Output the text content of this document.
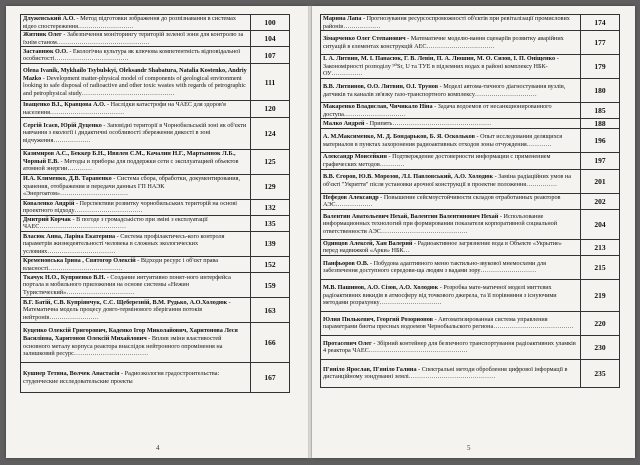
Длужевський А.О. - Метод підготовки зображення до розпізнавання в системах відео спостереження………………………	100
Житник Олег - Забезпечення моніторингу територій зеленої зони для контролю за їхнім станом………………………………………	104
Заставнюк О.О. - Екологічна культура як ключова компетентність відповідальної особистості………………………………	107
Olena Ivanik, Mykhailo Tsybulskyi, Oleksandr Shabatura, Natalia Kostenko, Andriy Mazko - Development matter-physical model of components of geological environment looking to safe disposal of radioactive and other toxic wastes with regards of petrographic and petrophysical study………………………………………	111
Іващенко В.І., Кравцова А.О. - Наслідки катастрофи на ЧАЕС для здоров'я населення………………………………	120
Сергій Ісаєв, Юрій Дуценко - Заповідні території в Чорнобильській зоні як об'єкти навчання з екології і дидактичні особливості збереження дикості в зоні відчуження………………	124
Казимиров А.С., Беккер Б.Н., Ивялев С.М., Качалин Н.Г., Мартыннок Л.Б., Чорный Е.В. - Методы и приборы для поддержки сети с эксплуатацией объектов атомной энергии…………	125
И.А. Клименко, Д.В. Тараненко - Система сбора, обработки, документирования, хранения, отображения и передачи данных ГП НАЭК «Энергоатом»……………………………	129
Коваленко Андрій - Перспективи розвитку чорнобильських територій на основі проектного підходу……………………………	132
Дмитрий Корчак - В погоде з громадськістю при зміні з експлуатації ЧАЕС……………………………………	135
Власюк Анна, Ларіна Екатерина - Система профілактичесь-кого контроля параметрів жизнедеятельності человека в сложных экологических условиях……………………………	139
Кременовська Ірина , Святогор Олексій - Відходи ресурс і об'єкт права власності………………………………	152
Ткачук Н.О., Куприенко В.Н. - Создание интуитивно понят-ного интерфейса портала и мобильного приложения на основе системы «Нежин Туристический»……………………………	159
В.Г. Батій, С.В. Купріянчук, С.С. Щеберезній, В.М. Рудько, А.О.Холодюк - Математична модель процесу довго-термінового зберігання потоків нейтронів……………………	163
Куценко Олексій Григорович, Каденко Ігор Миколайович, Харитонова Леся Василівна, Харитонов Олексій Михайлович - Вплив зміни властивостей основного металу корпуса реактора внаслідок нейтронного опромінення на залишковий ресурс………………………………	166
Кушнер Тетяна, Волчек Анастасія - Радиоэкология градостроительства: студенческие исследовательские проекты	167
4
Марина Лапа - Прогнозування ресурсоспроможності об'єктів при ревіталізації промислових районів………………	174
Зімарченко Олег Степанович - Математичне моделю-вання сценаріїв розвитку аварійних ситуацій в елементах конструкцій АЕС……………………………	177
І. А. Литвин, М. І. Панасюк, Г. В. Левін, П. А. Люшин, М. О. Сизов, І. П. Оніщенко - Закономірності розподілу ⁹⁰Sr, U та ТУЕ в підземних водах в районі комплексу НБК-ОУ……………	179
В.В. Литвинов, О.О. Литвин, О.І. Трунов - Моделі автома-тичного діагностування вузлів, датчиків та каналів зв'язку газо-транспортного комплексу…………………………	180
Макаренко Владислав, Чичикало Ніна - Задача водоемов от несанкционированного доступа…………………………	185
Малко Андрей - Припять…………………………………………	188
А. М.Максименко, М. Д. Бондарьков, Б. Я. Оскольков - Опыт исследования делящихся материалов в пунктах захоронения радиоактивных отходов зоны отчуждения…………	196
Александр Моисейкин - Подтверждение достоверности информации с применением графических методов…………	197
В.В. Єгоров, Ю.В. Морозов, Л.І. Павловський, А.О. Холодюк - Заміна радіаційних умов на об'єкті "Укриття" після установки арочної конструкції в проектне положення……………	201
Нефедов Александр - Повышение сейсмоустойчивости складов отработанных реакторов АЭС………………	202
Валентин Анатольевич Нехай, Валентин Валентинович Нехай - Использование информационных технологий при формировании показателя корпоративной социальной ответственности АЭС……………………………………	204
Одинцов Алексей, Хан Валерий - Радиоактивное загрязнение вода в Объекте «Укрытие» перед надвижкой «Арки» НБК…	213
Панфьоров О.В. - Побудова адаптивного меню тактильно-звукової мнемосхеми для забезпечення доступного середови-ща людям з вадами зору………………………	215
М.В. Пашинов, А.О. Сізов, А.О. Холодюк - Розробка мате-матичної моделі миттєвих радіоактивних викидів в атмосферу від точкового джерела, та її порівняння з існуючими методами розрахунку…………………………	219
Юлия Пилькевич, Георгий Розорионов - Автоматизированная система управления параметрами биоты пресных водоемов Чернобыльского региона…………………………………	220
Протасевич Олег - Збірний контейнер для безпечного транспортування радіоактивних уламків 4 реактора ЧАЕС…………………………………………	230
П'яніло Ярослав, П'яніло Галина - Спектральні методи оброблення цифрової інформації в дистанційному зондуванні землі……………………………………	235
5
